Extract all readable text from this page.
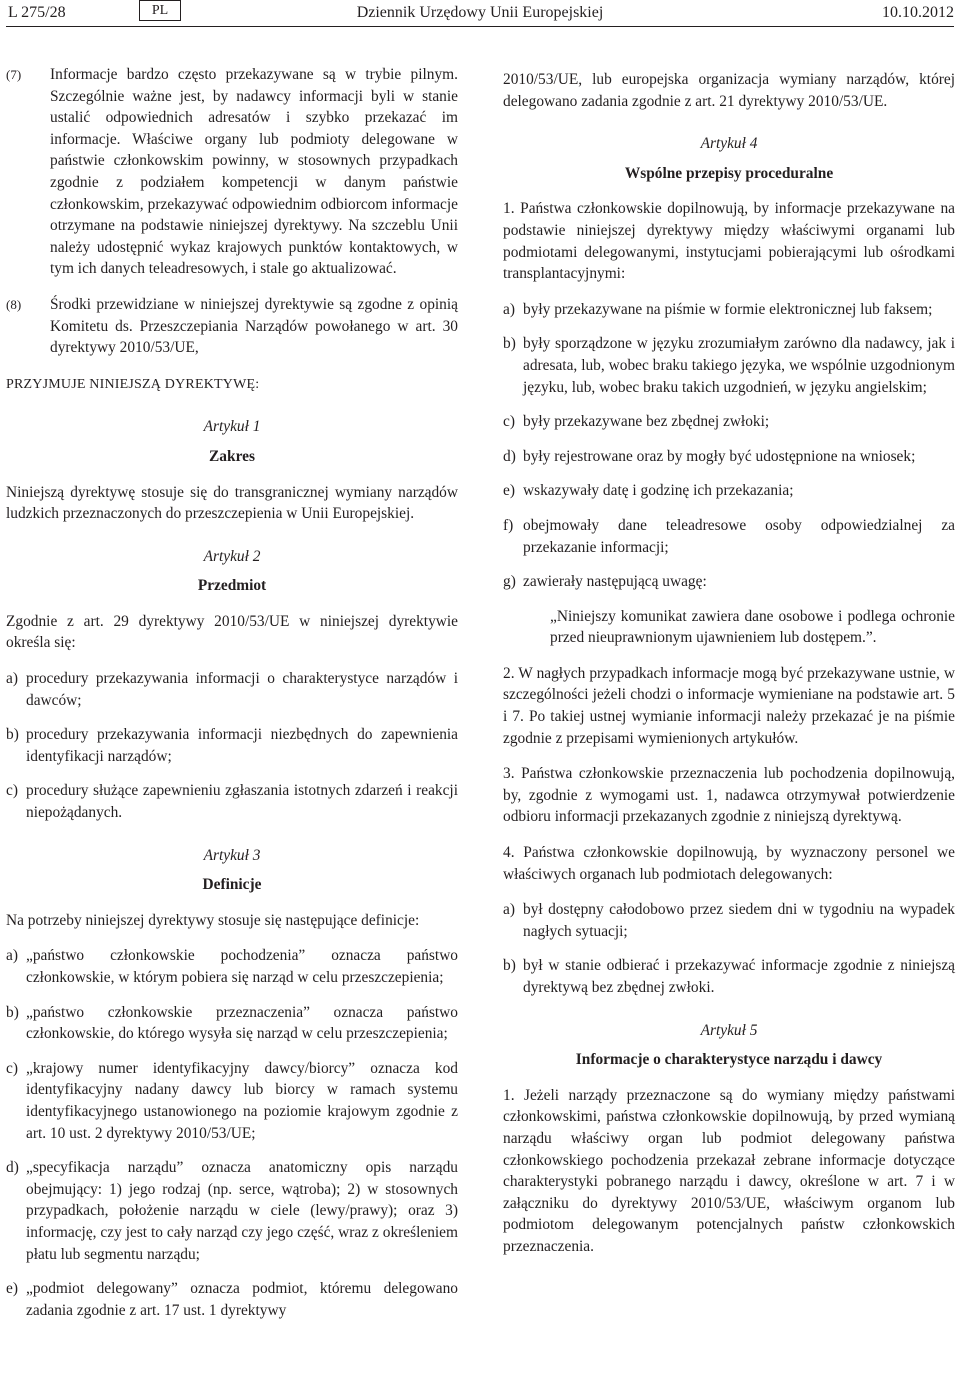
L 275/28	PL	Dziennik Urzędowy Unii Europejskiej	10.10.2012
(7) Informacje bardzo często przekazywane są w trybie pilnym. Szczególnie ważne jest, by nadawcy informacji byli w stanie ustalić odpowiednich adresatów i szybko przekazać im informacje. Właściwe organy lub podmioty delegowane w państwie członkowskim powinny, w stosownych przypadkach zgodnie z podziałem kompetencji w danym państwie członkowskim, przekazywać odpowiednim odbiorcom informacje otrzymane na podstawie niniejszej dyrektywy. Na szczeblu Unii należy udostępnić wykaz krajowych punktów kontaktowych, w tym ich danych teleadresowych, i stale go aktualizować.

(8) Środki przewidziane w niniejszej dyrektywie są zgodne z opinią Komitetu ds. Przeszczepiania Narządów powołanego w art. 30 dyrektywy 2010/53/UE,

PRZYJMUJE NINIEJSZĄ DYREKTYWĘ:

Artykuł 1
Zakres

Niniejszą dyrektywę stosuje się do transgranicznej wymiany narządów ludzkich przeznaczonych do przeszczepienia w Unii Europejskiej.

Artykuł 2
Przedmiot

Zgodnie z art. 29 dyrektywy 2010/53/UE w niniejszej dyrektywie określa się:

a) procedury przekazywania informacji o charakterystyce narządów i dawców;
b) procedury przekazywania informacji niezbędnych do zapewnienia identyfikacji narządów;
c) procedury służące zapewnieniu zgłaszania istotnych zdarzeń i reakcji niepożądanych.
Artykuł 3
Definicje

Na potrzeby niniejszej dyrektywy stosuje się następujące definicje:

a) „państwo członkowskie pochodzenia” oznacza państwo członkowskie, w którym pobiera się narząd w celu przeszczepienia;
b) „państwo członkowskie przeznaczenia” oznacza państwo członkowskie, do którego wysyła się narząd w celu przeszczepienia;
c) „krajowy numer identyfikacyjny dawcy/biorcy” oznacza kod identyfikacyjny nadany dawcy lub biorcy w ramach systemu identyfikacyjnego ustanowionego na poziomie krajowym zgodnie z art. 10 ust. 2 dyrektywy 2010/53/UE;
d) „specyfikacja narządu” oznacza anatomiczny opis narządu obejmujący: 1) jego rodzaj (np. serce, wątroba); 2) w stosownych przypadkach, położenie narządu w ciele (lewy/prawy); oraz 3) informację, czy jest to cały narząd czy jego część, wraz z określeniem płatu lub segmentu narządu;
e) „podmiot delegowany” oznacza podmiot, któremu delegowano zadania zgodnie z art. 17 ust. 1 dyrektywy

2010/53/UE, lub europejska organizacja wymiany narządów, której delegowano zadania zgodnie z art. 21 dyrektywy 2010/53/UE.

Artykuł 4
Wspólne przepisy proceduralne

1. Państwa członkowskie dopilnowują, by informacje przekazywane na podstawie niniejszej dyrektywy między właściwymi organami lub podmiotami delegowanymi, instytucjami pobierającymi lub ośrodkami transplantacyjnymi:

a) były przekazywane na piśmie w formie elektronicznej lub faksem;
b) były sporządzone w języku zrozumiałym zarówno dla nadawcy, jak i adresata, lub, wobec braku takiego języka, we wspólnie uzgodnionym języku, lub, wobec braku takich uzgodnień, w języku angielskim;
c) były przekazywane bez zbędnej zwłoki;
d) były rejestrowane oraz by mogły być udostępnione na wniosek;
e) wskazywały datę i godzinę ich przekazania;
f) obejmowały dane teleadresowe osoby odpowiedzialnej za przekazanie informacji;
g) zawierały następującą uwagę:

„Niniejszy komunikat zawiera dane osobowe i podlega ochronie przed nieuprawnionym ujawnieniem lub dostępem.”.

2. W nagłych przypadkach informacje mogą być przekazywane ustnie, w szczególności jeżeli chodzi o informacje wymieniane na podstawie art. 5 i 7. Po takiej ustnej wymianie informacji należy przekazać je na piśmie zgodnie z przepisami wymienionych artykułów.

3. Państwa członkowskie przeznaczenia lub pochodzenia dopilnowują, by, zgodnie z wymogami ust. 1, nadawca otrzymywał potwierdzenie odbioru informacji przekazanych zgodnie z niniejszą dyrektywą.

4. Państwa członkowskie dopilnowują, by wyznaczony personel we właściwych organach lub podmiotach delegowanych:

a) był dostępny całodobowo przez siedem dni w tygodniu na wypadek nagłych sytuacji;
b) był w stanie odbierać i przekazywać informacje zgodnie z niniejszą dyrektywą bez zbędnej zwłoki.
Artykuł 5
Informacje o charakterystyce narządu i dawcy

1. Jeżeli narządy przeznaczone są do wymiany między państwami członkowskimi, państwa członkowskie dopilnowują, by przed wymianą narządu właściwy organ lub podmiot delegowany państwa członkowskiego pochodzenia przekazał zebrane informacje dotyczące charakterystyki pobranego narządu i dawcy, określone w art. 7 i w załączniku do dyrektywy 2010/53/UE, właściwym organom lub podmiotom delegowanym potencjalnych państw członkowskich przeznaczenia.
